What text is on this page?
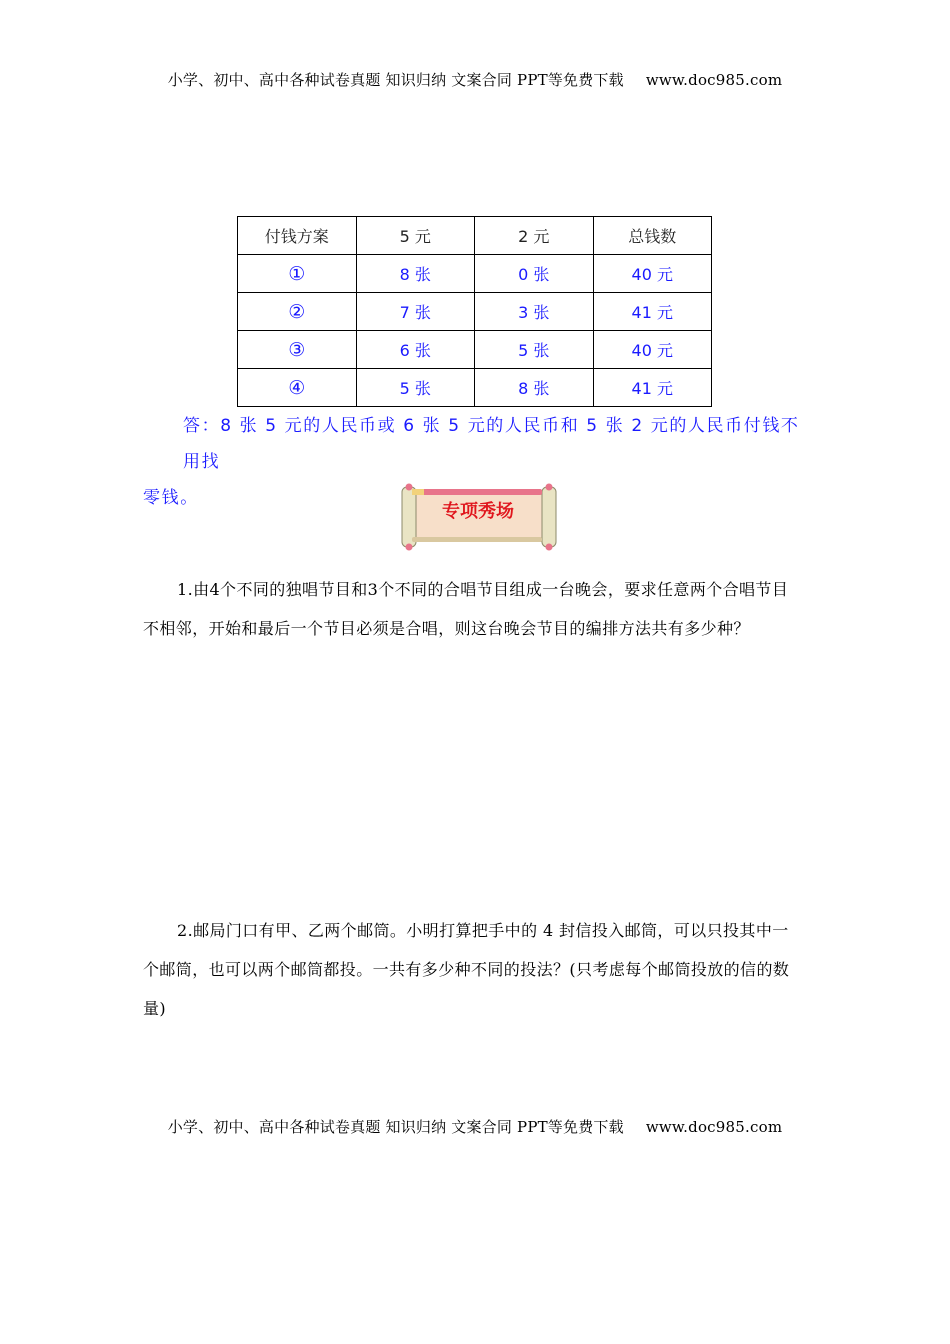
小学、初中、高中各种试卷真题 知识归纳 文案合同 PPT等免费下载 www.doc985.com
付钱方案	5 元	2 元	总钱数
①	8 张	0 张	40 元
②	7 张	3 张	41 元
③	6 张	5 张	40 元
④	5 张	8 张	41 元
答：8 张 5 元的人民币或 6 张 5 元的人民币和 5 张 2 元的人民币付钱不用找
零钱。
专项秀场
1.由4个不同的独唱节目和3个不同的合唱节目组成一台晚会，要求任意两个合唱节目
不相邻，开始和最后一个节目必须是合唱，则这台晚会节目的编排方法共有多少种？
2.邮局门口有甲、乙两个邮筒。小明打算把手中的 4 封信投入邮筒，可以只投其中一
个邮筒，也可以两个邮筒都投。一共有多少种不同的投法？(只考虑每个邮筒投放的信的数
量)
小学、初中、高中各种试卷真题 知识归纳 文案合同 PPT等免费下载 www.doc985.com
